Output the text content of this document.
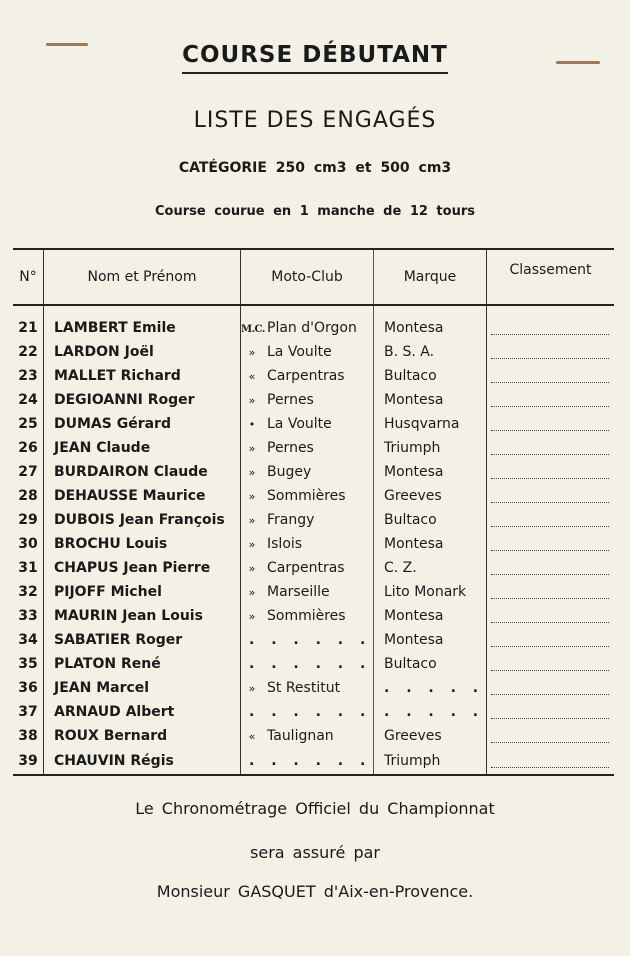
COURSE DÉBUTANT
LISTE DES ENGAGÉS
CATÉGORIE 250 cm3 et 500 cm3
Course courue en 1 manche de 12 tours
N°	Nom et Prénom	Moto-Club	Marque	Classement

21	LAMBERT Emile	M.C. Plan d'Orgon	Montesa	

22	LARDON Joël	» La Voulte	B. S. A.	

23	MALLET Richard	« Carpentras	Bultaco	

24	DEGIOANNI Roger	» Pernes	Montesa	

25	DUMAS Gérard	• La Voulte	Husqvarna	

26	JEAN Claude	» Pernes	Triumph	

27	BURDAIRON Claude	» Bugey	Montesa	

28	DEHAUSSE Maurice	» Sommières	Greeves	

29	DUBOIS Jean François	» Frangy	Bultaco	

30	BROCHU Louis	» Islois	Montesa	

31	CHAPUS Jean Pierre	» Carpentras	C. Z.	

32	PIJOFF Michel	» Marseille	Lito Monark	

33	MAURIN Jean Louis	» Sommières	Montesa	

34	SABATIER Roger	. . . . . .	Montesa	

35	PLATON René	. . . . . .	Bultaco	

36	JEAN Marcel	» St Restitut	. . . . .	

37	ARNAUD Albert	. . . . . .	. . . . .	

38	ROUX Bernard	« Taulignan	Greeves	

39	CHAUVIN Régis	. . . . . .	Triumph	
Le Chronométrage Officiel du Championnat
sera assuré par
Monsieur GASQUET d'Aix-en-Provence.
